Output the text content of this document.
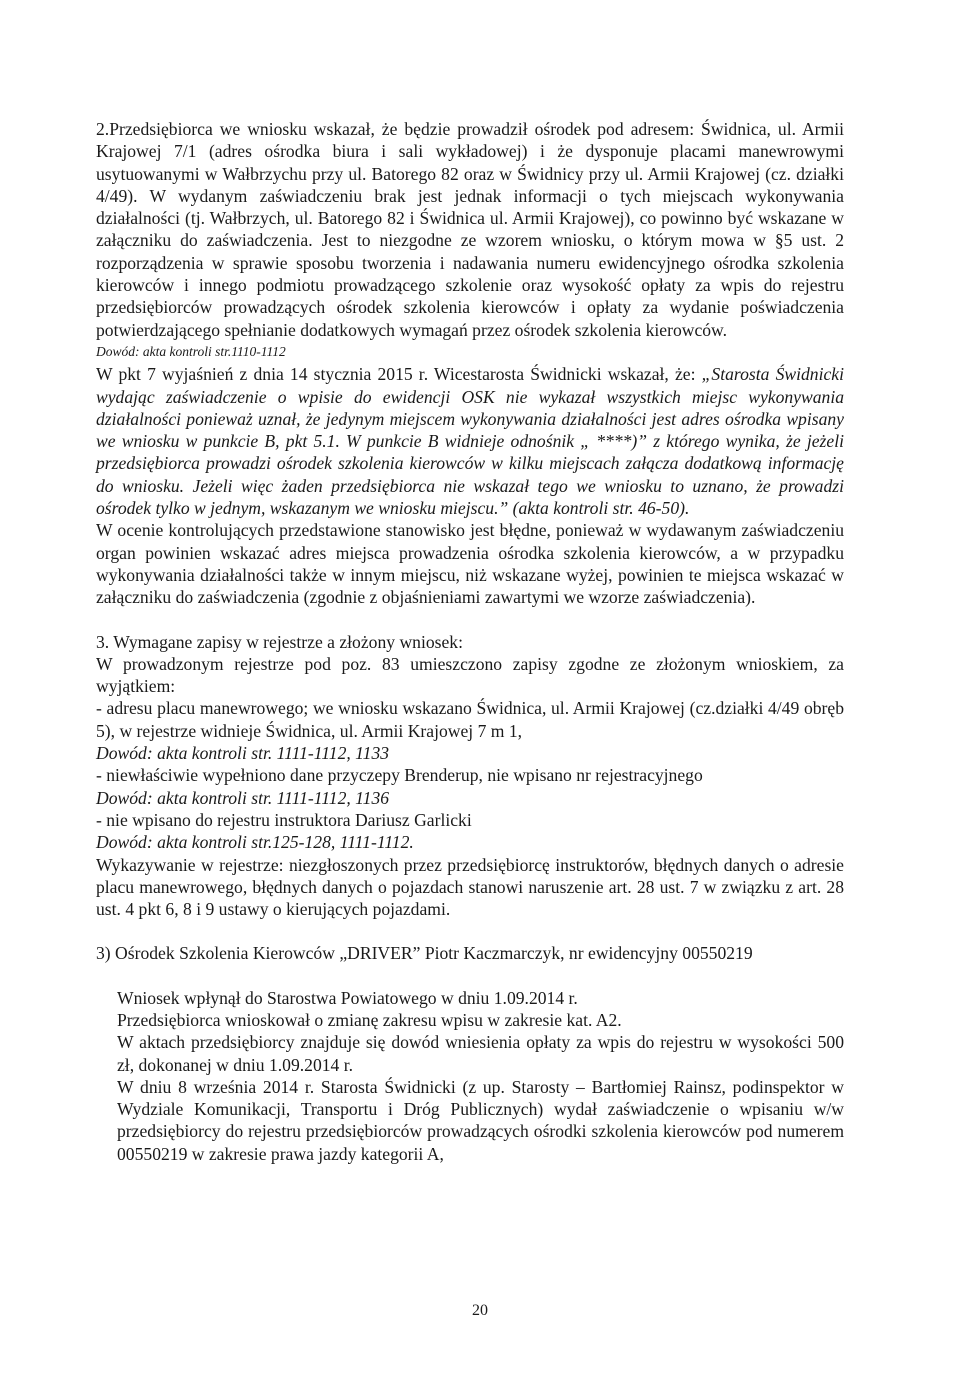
2.Przedsiębiorca we wniosku wskazał, że będzie prowadził ośrodek pod adresem: Świdnica, ul. Armii Krajowej 7/1 (adres ośrodka biura i sali wykładowej) i że dysponuje placami manewrowymi usytuowanymi w Wałbrzychu przy ul. Batorego 82 oraz w Świdnicy przy ul. Armii Krajowej (cz. działki 4/49). W wydanym zaświadczeniu brak jest jednak informacji o tych miejscach wykonywania działalności (tj. Wałbrzych, ul. Batorego 82 i Świdnica ul. Armii Krajowej), co powinno być wskazane w załączniku do zaświadczenia. Jest to niezgodne ze wzorem wniosku, o którym mowa w §5 ust. 2 rozporządzenia w sprawie sposobu tworzenia i nadawania numeru ewidencyjnego ośrodka szkolenia kierowców i innego podmiotu prowadzącego szkolenie oraz wysokość opłaty za wpis do rejestru przedsiębiorców prowadzących ośrodek szkolenia kierowców i opłaty za wydanie poświadczenia potwierdzającego spełnianie dodatkowych wymagań przez ośrodek szkolenia kierowców.

Dowód: akta kontroli str.1110-1112

W pkt 7 wyjaśnień z dnia 14 stycznia 2015 r. Wicestarosta Świdnicki wskazał, że: „Starosta Świdnicki wydając zaświadczenie o wpisie do ewidencji OSK nie wykazał wszystkich miejsc wykonywania działalności ponieważ uznał, że jedynym miejscem wykonywania działalności jest adres ośrodka wpisany we wniosku w punkcie B, pkt 5.1. W punkcie B widnieje odnośnik „ ****)” z którego wynika, że jeżeli przedsiębiorca prowadzi ośrodek szkolenia kierowców w kilku miejscach załącza dodatkową informację do wniosku. Jeżeli więc żaden przedsiębiorca nie wskazał tego we wniosku to uznano, że prowadzi ośrodek tylko w jednym, wskazanym we wniosku miejscu.” (akta kontroli str. 46-50).

W ocenie kontrolujących przedstawione stanowisko jest błędne, ponieważ w wydawanym zaświadczeniu organ powinien wskazać adres miejsca prowadzenia ośrodka szkolenia kierowców, a w przypadku wykonywania działalności także w innym miejscu, niż wskazane wyżej, powinien te miejsca wskazać w załączniku do zaświadczenia (zgodnie z objaśnieniami zawartymi we wzorze zaświadczenia).

3. Wymagane zapisy w rejestrze a złożony wniosek:

W prowadzonym rejestrze pod poz. 83 umieszczono zapisy zgodne ze złożonym wnioskiem, za wyjątkiem:

- adresu placu manewrowego; we wniosku wskazano Świdnica, ul. Armii Krajowej (cz.działki 4/49 obręb 5), w rejestrze widnieje Świdnica, ul. Armii Krajowej 7 m 1,

Dowód: akta kontroli str. 1111-1112, 1133

- niewłaściwie wypełniono dane przyczepy Brenderup, nie wpisano nr rejestracyjnego

Dowód: akta kontroli str. 1111-1112, 1136

- nie wpisano do rejestru instruktora Dariusz Garlicki

Dowód: akta kontroli str.125-128, 1111-1112.

Wykazywanie w rejestrze: niezgłoszonych przez przedsiębiorcę instruktorów, błędnych danych o adresie placu manewrowego, błędnych danych o pojazdach stanowi naruszenie art. 28 ust. 7 w związku z art. 28 ust. 4 pkt 6, 8 i 9 ustawy o kierujących pojazdami.

3) Ośrodek Szkolenia Kierowców „DRIVER” Piotr Kaczmarczyk, nr ewidencyjny 00550219

Wniosek wpłynął do Starostwa Powiatowego w dniu 1.09.2014 r.

Przedsiębiorca wnioskował o zmianę zakresu wpisu w zakresie kat. A2.

W aktach przedsiębiorcy znajduje się dowód wniesienia opłaty za wpis do rejestru w wysokości 500 zł, dokonanej w dniu 1.09.2014 r.

W dniu 8 września 2014 r. Starosta Świdnicki (z up. Starosty – Bartłomiej Rainsz, podinspektor w Wydziale Komunikacji, Transportu i Dróg Publicznych) wydał zaświadczenie o wpisaniu w/w przedsiębiorcy do rejestru przedsiębiorców prowadzących ośrodki szkolenia kierowców pod numerem 00550219 w zakresie prawa jazdy kategorii A,

20
